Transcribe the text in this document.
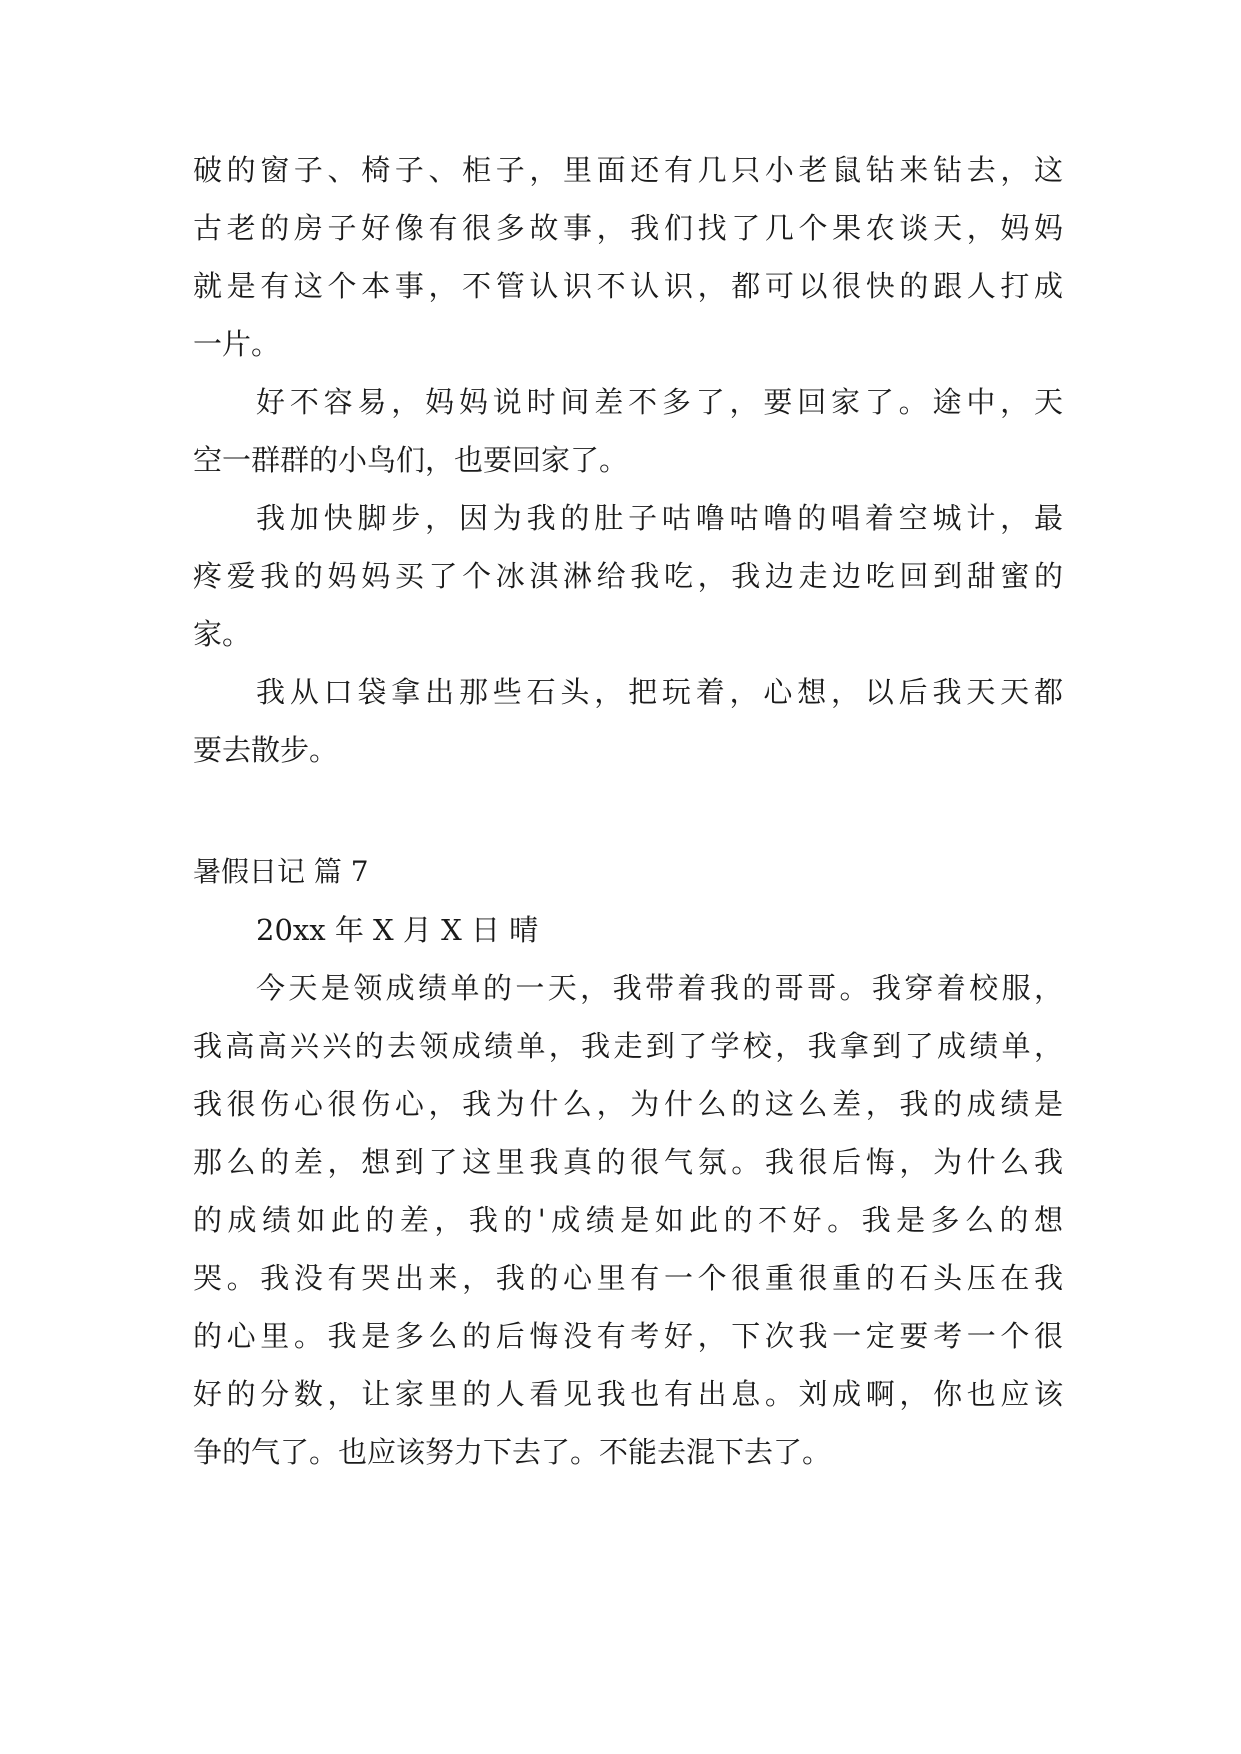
破的窗子、椅子、柜子，里面还有几只小老鼠钻来钻去，这
古老的房子好像有很多故事，我们找了几个果农谈天，妈妈
就是有这个本事，不管认识不认识，都可以很快的跟人打成
一片。
好不容易，妈妈说时间差不多了，要回家了。途中，天
空一群群的小鸟们，也要回家了。
我加快脚步，因为我的肚子咕噜咕噜的唱着空城计，最
疼爱我的妈妈买了个冰淇淋给我吃，我边走边吃回到甜蜜的
家。
我从口袋拿出那些石头，把玩着，心想，以后我天天都
要去散步。
暑假日记 篇 7
20xx 年 X 月 X 日 晴
今天是领成绩单的一天，我带着我的哥哥。我穿着校服，
我高高兴兴的去领成绩单，我走到了学校，我拿到了成绩单，
我很伤心很伤心，我为什么，为什么的这么差，我的成绩是
那么的差，想到了这里我真的很气氛。我很后悔，为什么我
的成绩如此的差，我的'成绩是如此的不好。我是多么的想
哭。我没有哭出来，我的心里有一个很重很重的石头压在我
的心里。我是多么的后悔没有考好，下次我一定要考一个很
好的分数，让家里的人看见我也有出息。刘成啊，你也应该
争的气了。也应该努力下去了。不能去混下去了。
